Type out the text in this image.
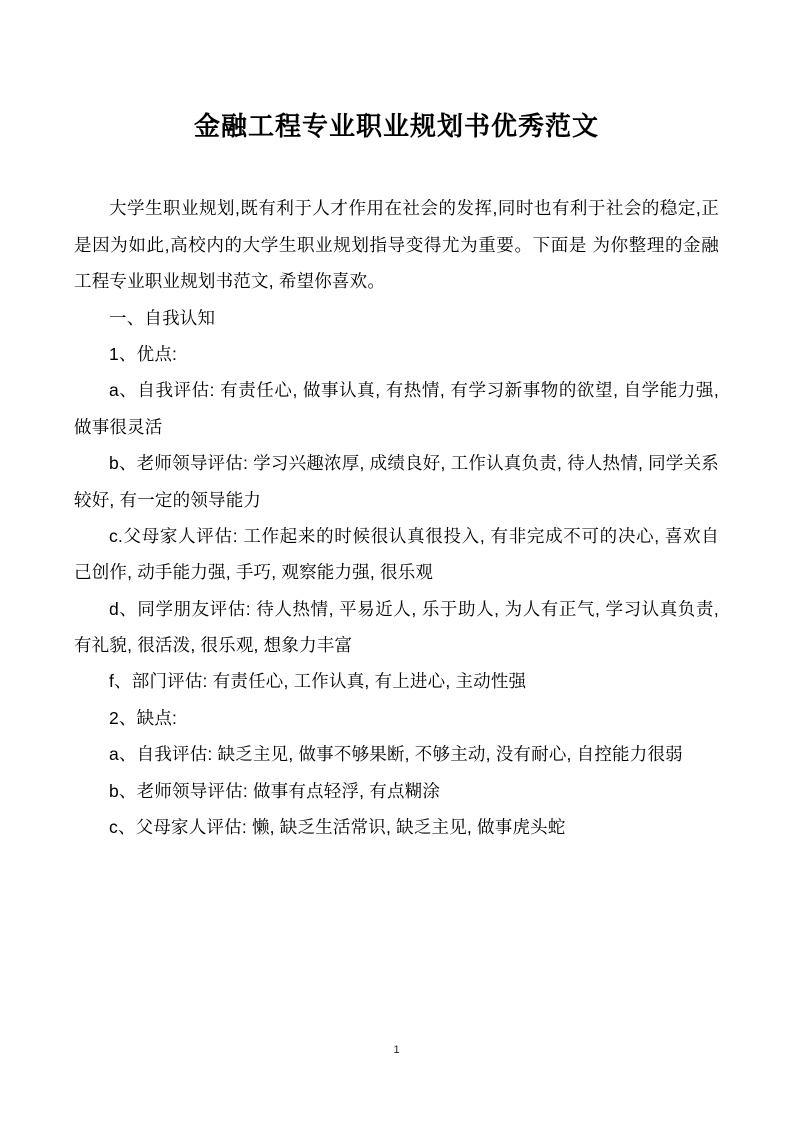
金融工程专业职业规划书优秀范文

大学生职业规划,既有利于人才作用在社会的发挥,同时也有利于社会的稳定,正是因为如此,高校内的大学生职业规划指导变得尤为重要。下面是 为你整理的金融工程专业职业规划书范文, 希望你喜欢。

一、自我认知

1、优点:

a、自我评估: 有责任心, 做事认真, 有热情, 有学习新事物的欲望, 自学能力强, 做事很灵活

b、老师领导评估: 学习兴趣浓厚, 成绩良好, 工作认真负责, 待人热情, 同学关系较好, 有一定的领导能力

c.父母家人评估: 工作起来的时候很认真很投入, 有非完成不可的决心, 喜欢自己创作, 动手能力强, 手巧, 观察能力强, 很乐观

d、同学朋友评估: 待人热情, 平易近人, 乐于助人, 为人有正气, 学习认真负责, 有礼貌, 很活泼, 很乐观, 想象力丰富

f、部门评估: 有责任心, 工作认真, 有上进心, 主动性强

2、缺点:

a、自我评估: 缺乏主见, 做事不够果断, 不够主动, 没有耐心, 自控能力很弱

b、老师领导评估: 做事有点轻浮, 有点糊涂

c、父母家人评估: 懒, 缺乏生活常识, 缺乏主见, 做事虎头蛇

1
